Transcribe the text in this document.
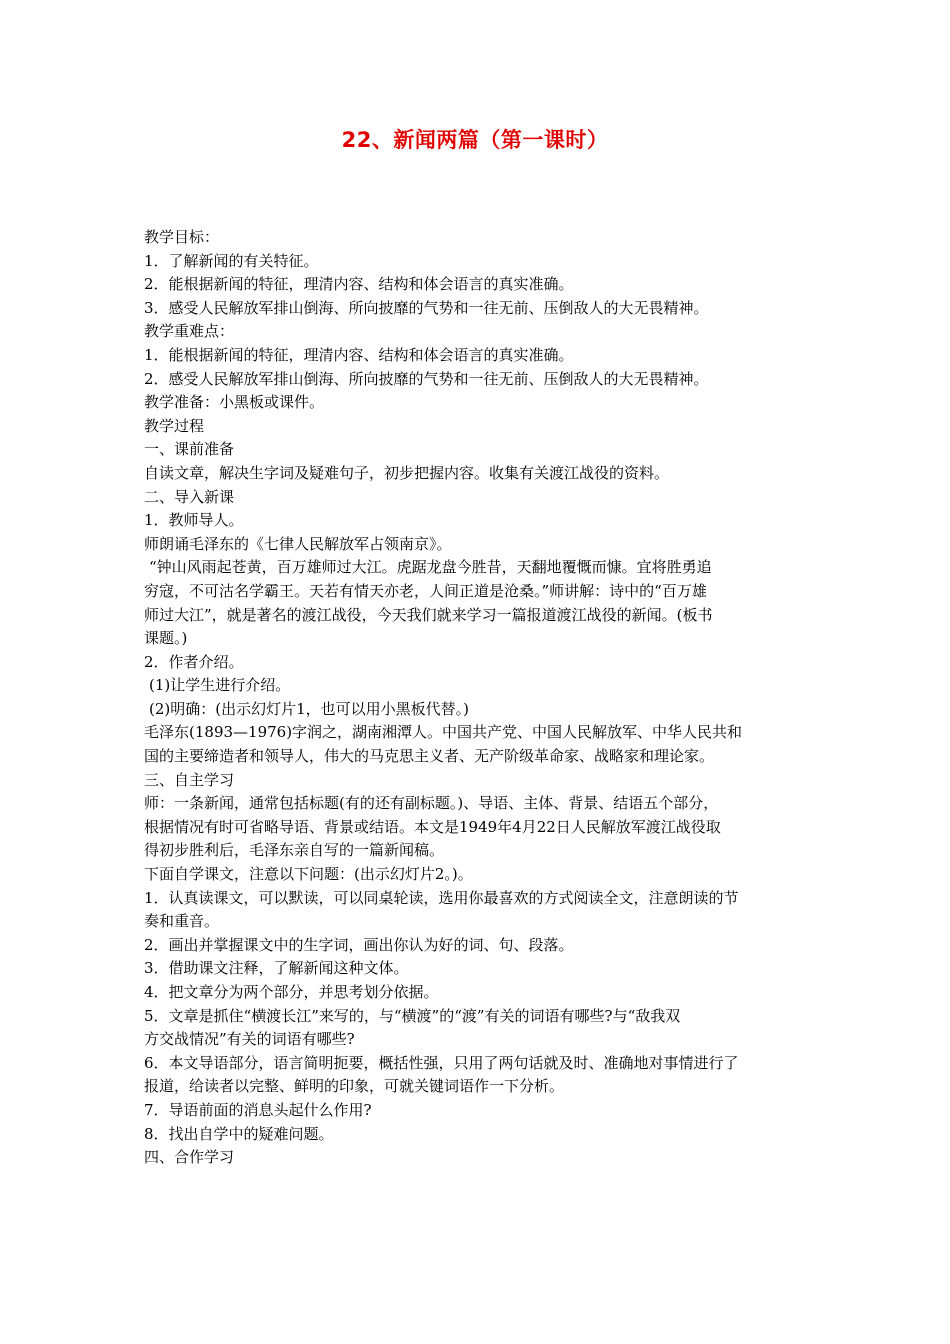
22、新闻两篇（第一课时）
教学目标：
1．了解新闻的有关特征。
2．能根据新闻的特征，理清内容、结构和体会语言的真实准确。
3．感受人民解放军排山倒海、所向披靡的气势和一往无前、压倒敌人的大无畏精神。
教学重难点：
1．能根据新闻的特征，理清内容、结构和体会语言的真实准确。
2．感受人民解放军排山倒海、所向披靡的气势和一往无前、压倒敌人的大无畏精神。
教学准备：小黑板或课件。
教学过程
一、课前准备
自读文章，解决生字词及疑难句子，初步把握内容。收集有关渡江战役的资料。
二、导入新课
1．教师导人。
师朗诵毛泽东的《七律人民解放军占领南京》。
“钟山风雨起苍黄，百万雄师过大江。虎踞龙盘今胜昔，天翻地覆慨而慷。宜将胜勇追
穷寇，不可沽名学霸王。天若有情天亦老，人间正道是沧桑。”师讲解：诗中的“百万雄
师过大江”，就是著名的渡江战役，今天我们就来学习一篇报道渡江战役的新闻。(板书
课题。)
2．作者介绍。
(1)让学生进行介绍。
(2)明确：(出示幻灯片1，也可以用小黑板代替。)
毛泽东(1893—1976)字润之，湖南湘潭人。中国共产党、中国人民解放军、中华人民共和
国的主要缔造者和领导人，伟大的马克思主义者、无产阶级革命家、战略家和理论家。
三、自主学习
师：一条新闻，通常包括标题(有的还有副标题。)、导语、主体、背景、结语五个部分，
根据情况有时可省略导语、背景或结语。本文是1949年4月22日人民解放军渡江战役取
得初步胜利后，毛泽东亲自写的一篇新闻稿。
下面自学课文，注意以下问题：(出示幻灯片2。)。
1．认真读课文，可以默读，可以同桌轮读，选用你最喜欢的方式阅读全文，注意朗读的节
奏和重音。
2．画出并掌握课文中的生字词，画出你认为好的词、句、段落。
3．借助课文注释，了解新闻这种文体。
4．把文章分为两个部分，并思考划分依据。
5．文章是抓住“横渡长江”来写的，与“横渡”的“渡”有关的词语有哪些?与“敌我双
方交战情况”有关的词语有哪些?
6．本文导语部分，语言简明扼要，概括性强，只用了两句话就及时、准确地对事情进行了
报道，给读者以完整、鲜明的印象，可就关键词语作一下分析。
7．导语前面的消息头起什么作用?
8．找出自学中的疑难问题。
四、合作学习
